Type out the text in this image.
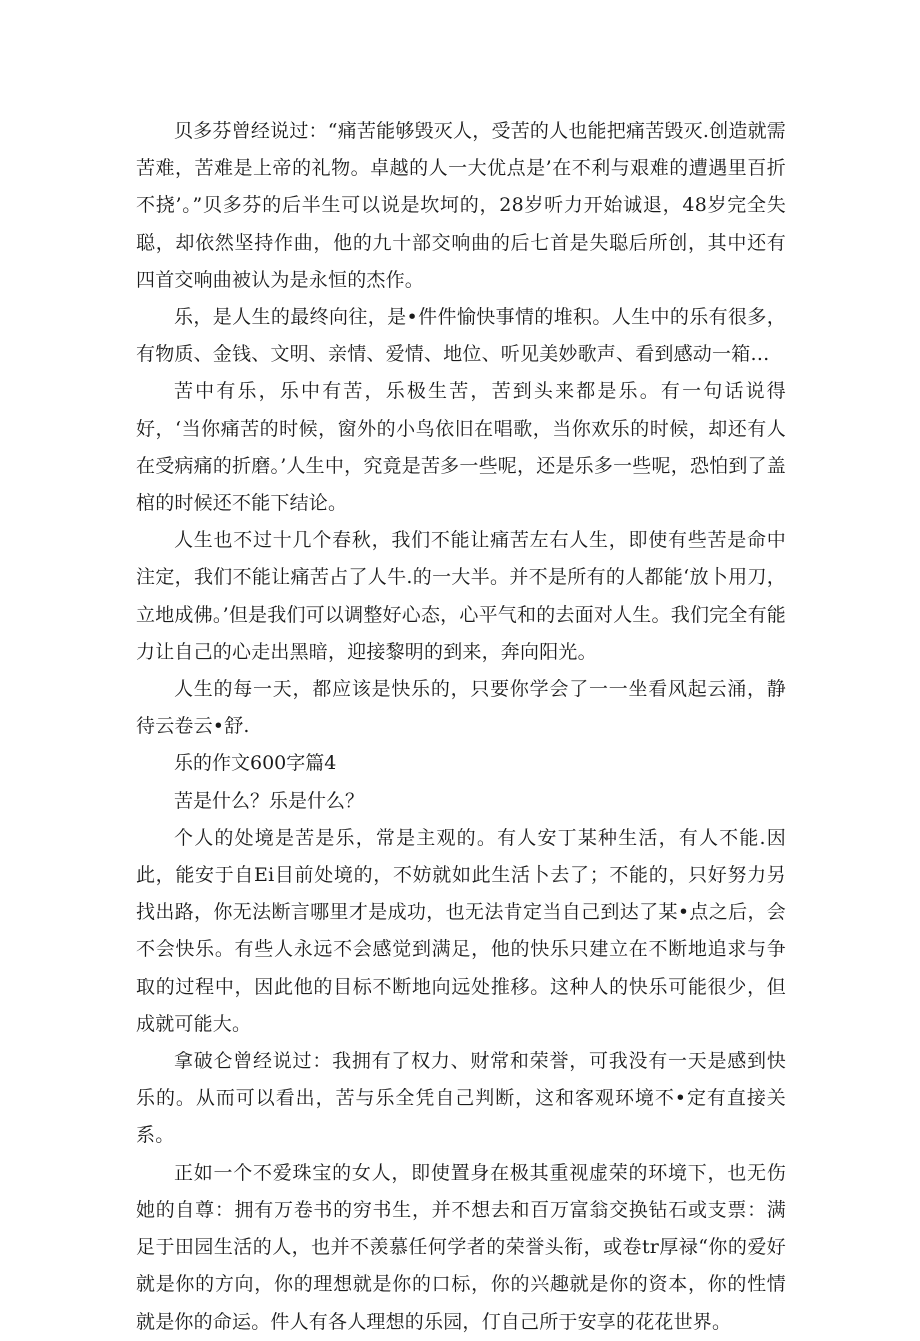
贝多芬曾经说过：“痛苦能够毁灭人，受苦的人也能把痛苦毁灭.创造就需苦难，苦难是上帝的礼物。卓越的人一大优点是’在不利与艰难的遭遇里百折不挠’。”贝多芬的后半生可以说是坎坷的，28岁听力开始诚退，48岁完全失聪，却依然坚持作曲，他的九十部交响曲的后七首是失聪后所创，其中还有四首交响曲被认为是永恒的杰作。

乐，是人生的最终向往，是•件件愉快事情的堆积。人生中的乐有很多，有物质、金钱、文明、亲情、爱情、地位、听见美妙歌声、看到感动一箱…

苦中有乐，乐中有苦，乐极生苦，苦到头来都是乐。有一句话说得好，‘当你痛苦的时候，窗外的小鸟依旧在唱歌，当你欢乐的时候，却还有人在受病痛的折磨。’人生中，究竟是苦多一些呢，还是乐多一些呢，恐怕到了盖棺的时候还不能下结论。

人生也不过十几个春秋，我们不能让痛苦左右人生，即使有些苦是命中注定，我们不能让痛苦占了人牛.的一大半。并不是所有的人都能‘放卜用刀，立地成佛。’但是我们可以调整好心态，心平气和的去面对人生。我们完全有能力让自己的心走出黑暗，迎接黎明的到来，奔向阳光。

人生的每一天，都应该是快乐的，只要你学会了一一坐看风起云涌，静待云卷云•舒.

乐的作文600字篇4

苦是什么？乐是什么？

个人的处境是苦是乐，常是主观的。有人安丁某种生活，有人不能.因此，能安于自Ei目前处境的，不妨就如此生活卜去了；不能的，只好努力另找出路，你无法断言哪里才是成功，也无法肯定当自己到达了某•点之后，会不会快乐。有些人永远不会感觉到满足，他的快乐只建立在不断地追求与争取的过程中，因此他的目标不断地向远处推移。这种人的快乐可能很少，但成就可能大。

拿破仑曾经说过：我拥有了权力、财常和荣誉，可我没有一天是感到快乐的。从而可以看出，苦与乐全凭自己判断，这和客观环境不•定有直接关系。

正如一个不爱珠宝的女人，即使置身在极其重视虚荣的环境下，也无伤她的自尊：拥有万卷书的穷书生，并不想去和百万富翁交换钻石或支票：满足于田园生活的人，也并不羡慕任何学者的荣誉头衔，或卷tr厚禄“你的爱好就是你的方向，你的理想就是你的口标，你的兴趣就是你的资本，你的性情就是你的命运。件人有各人理想的乐园，仃自己所于安享的花花世界。
